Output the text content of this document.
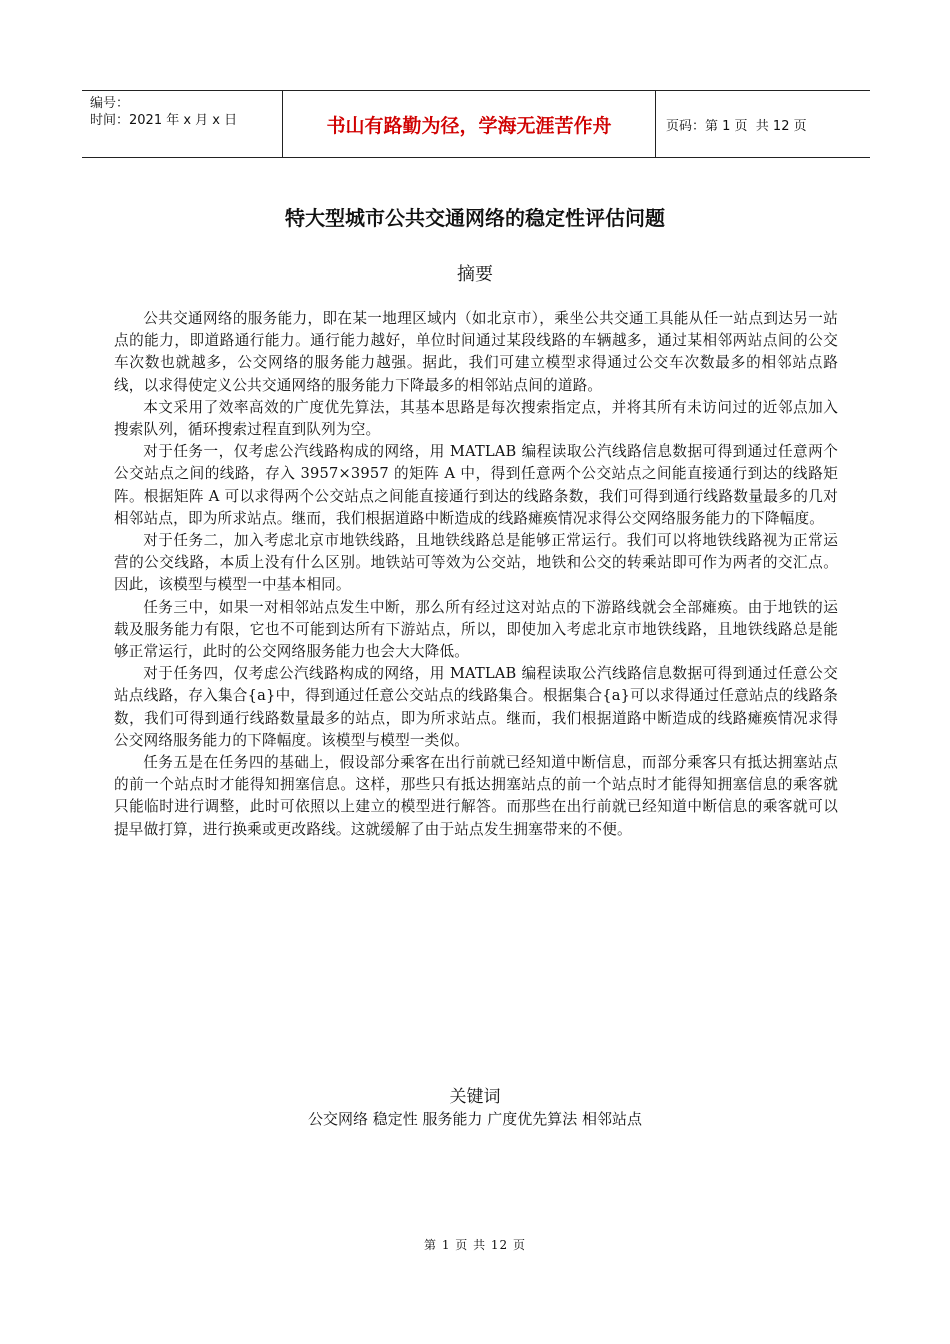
编号：
时间：2021 年 x 月 x 日	书山有路勤为径，学海无涯苦作舟	页码：第 1 页  共 12 页
特大型城市公共交通网络的稳定性评估问题
摘要

公共交通网络的服务能力，即在某一地理区域内（如北京市），乘坐公共交通工具能从任一站点到达另一站点的能力，即道路通行能力。通行能力越好，单位时间通过某段线路的车辆越多，通过某相邻两站点间的公交车次数也就越多，公交网络的服务能力越强。据此，我们可建立模型求得通过公交车次数最多的相邻站点路线，以求得使定义公共交通网络的服务能力下降最多的相邻站点间的道路。

本文采用了效率高效的广度优先算法，其基本思路是每次搜索指定点，并将其所有未访问过的近邻点加入搜索队列，循环搜索过程直到队列为空。

对于任务一，仅考虑公汽线路构成的网络，用 MATLAB 编程读取公汽线路信息数据可得到通过任意两个公交站点之间的线路，存入 3957×3957 的矩阵 A 中，得到任意两个公交站点之间能直接通行到达的线路矩阵。根据矩阵 A 可以求得两个公交站点之间能直接通行到达的线路条数，我们可得到通行线路数量最多的几对相邻站点，即为所求站点。继而，我们根据道路中断造成的线路瘫痪情况求得公交网络服务能力的下降幅度。

对于任务二，加入考虑北京市地铁线路，且地铁线路总是能够正常运行。我们可以将地铁线路视为正常运营的公交线路，本质上没有什么区别。地铁站可等效为公交站，地铁和公交的转乘站即可作为两者的交汇点。因此，该模型与模型一中基本相同。

任务三中，如果一对相邻站点发生中断，那么所有经过这对站点的下游路线就会全部瘫痪。由于地铁的运载及服务能力有限，它也不可能到达所有下游站点，所以，即使加入考虑北京市地铁线路，且地铁线路总是能够正常运行，此时的公交网络服务能力也会大大降低。

对于任务四，仅考虑公汽线路构成的网络，用 MATLAB 编程读取公汽线路信息数据可得到通过任意公交站点线路，存入集合{a}中，得到通过任意公交站点的线路集合。根据集合{a}可以求得通过任意站点的线路条数，我们可得到通行线路数量最多的站点，即为所求站点。继而，我们根据道路中断造成的线路瘫痪情况求得公交网络服务能力的下降幅度。该模型与模型一类似。

任务五是在任务四的基础上，假设部分乘客在出行前就已经知道中断信息，而部分乘客只有抵达拥塞站点的前一个站点时才能得知拥塞信息。这样，那些只有抵达拥塞站点的前一个站点时才能得知拥塞信息的乘客就只能临时进行调整，此时可依照以上建立的模型进行解答。而那些在出行前就已经知道中断信息的乘客就可以提早做打算，进行换乘或更改路线。这就缓解了由于站点发生拥塞带来的不便。

关键词
公交网络 稳定性 服务能力 广度优先算法 相邻站点
第 1 页 共 12 页
